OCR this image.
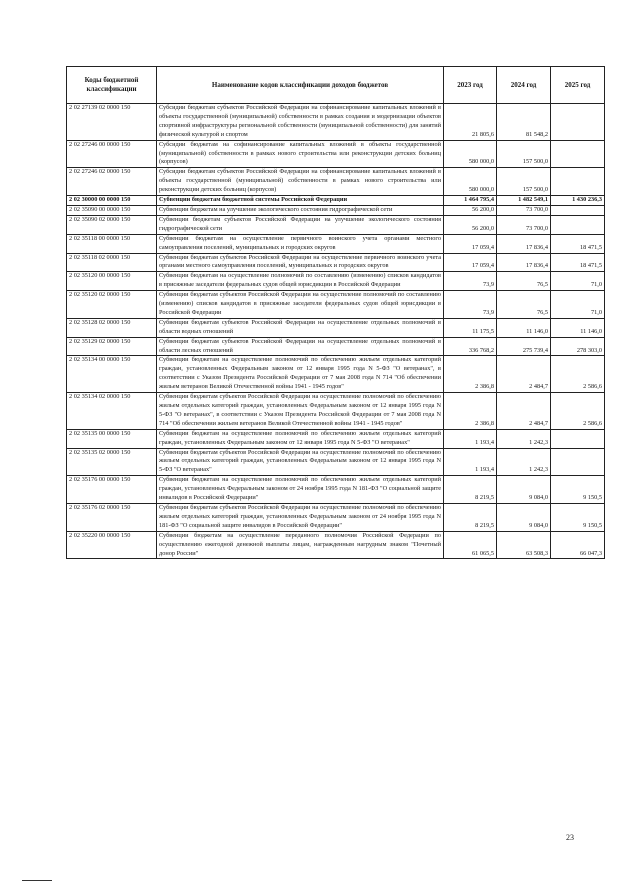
Коды бюджетной классификации	Наименование кодов классификации доходов бюджетов	2023 год	2024 год	2025 год
2 02 27139 02 0000 150	Субсидии бюджетам субъектов Российской Федерации на софинансирование капитальных вложений в объекты государственной (муниципальной) собственности в рамках создания и модернизации объектов спортивной инфраструктуры региональной собственности (муниципальной собственности) для занятий физической культурой и спортом	21 805,6	81 548,2	
2 02 27246 00 0000 150	Субсидии бюджетам на софинансирование капитальных вложений в объекты государственной (муниципальной) собственности в рамках нового строительства или реконструкции детских больниц (корпусов)	580 000,0	157 500,0	
2 02 27246 02 0000 150	Субсидии бюджетам субъектов Российской Федерации на софинансирование капитальных вложений в объекты государственной (муниципальной) собственности в рамках нового строительства или реконструкции детских больниц (корпусов)	580 000,0	157 500,0	
2 02 30000 00 0000 150	Субвенции бюджетам бюджетной системы Российской Федерации	1 464 795,4	1 482 549,1	1 430 236,3
2 02 35090 00 0000 150	Субвенции бюджетам на улучшение экологического состояния гидрографической сети	56 200,0	73 700,0	
2 02 35090 02 0000 150	Субвенции бюджетам субъектов Российской Федерации на улучшение экологического состояния гидрографической сети	56 200,0	73 700,0	
2 02 35118 00 0000 150	Субвенции бюджетам на осуществление первичного воинского учета органами местного самоуправления поселений, муниципальных и городских округов	17 059,4	17 836,4	18 471,5
2 02 35118 02 0000 150	Субвенции бюджетам субъектов Российской Федерации на осуществление первичного воинского учета органами местного самоуправления поселений, муниципальных и городских округов	17 059,4	17 836,4	18 471,5
2 02 35120 00 0000 150	Субвенции бюджетам на осуществление полномочий по составлению (изменению) списков кандидатов в присяжные заседатели федеральных судов общей юрисдикции в Российской Федерации	73,9	76,5	71,0
2 02 35120 02 0000 150	Субвенции бюджетам субъектов Российской Федерации на осуществление полномочий по составлению (изменению) списков кандидатов в присяжные заседатели федеральных судов общей юрисдикции в Российской Федерации	73,9	76,5	71,0
2 02 35128 02 0000 150	Субвенции бюджетам субъектов Российской Федерации на осуществление отдельных полномочий в области водных отношений	11 175,5	11 146,0	11 146,0
2 02 35129 02 0000 150	Субвенции бюджетам субъектов Российской Федерации на осуществление отдельных полномочий в области лесных отношений	336 768,2	275 739,4	278 303,0
2 02 35134 00 0000 150	Субвенции бюджетам на осуществление полномочий по обеспечению жильем отдельных категорий граждан, установленных Федеральным законом от 12 января 1995 года N 5-ФЗ "О ветеранах", в соответствии с Указом Президента Российской Федерации от 7 мая 2008 года N 714 "Об обеспечении жильем ветеранов Великой Отечественной войны 1941 - 1945 годов"	2 386,8	2 484,7	2 586,6
2 02 35134 02 0000 150	Субвенции бюджетам субъектов Российской Федерации на осуществление полномочий по обеспечению жильем отдельных категорий граждан, установленных Федеральным законом от 12 января 1995 года N 5-ФЗ "О ветеранах", в соответствии с Указом Президента Российской Федерации от 7 мая 2008 года N 714 "Об обеспечении жильем ветеранов Великой Отечественной войны 1941 - 1945 годов"	2 386,8	2 484,7	2 586,6
2 02 35135 00 0000 150	Субвенции бюджетам на осуществление полномочий по обеспечению жильем отдельных категорий граждан, установленных Федеральным законом от 12 января 1995 года N 5-ФЗ "О ветеранах"	1 193,4	1 242,3	
2 02 35135 02 0000 150	Субвенции бюджетам субъектов Российской Федерации на осуществление полномочий по обеспечению жильем отдельных категорий граждан, установленных Федеральным законом от 12 января 1995 года N 5-ФЗ "О ветеранах"	1 193,4	1 242,3	
2 02 35176 00 0000 150	Субвенции бюджетам на осуществление полномочий по обеспечению жильем отдельных категорий граждан, установленных Федеральным законом от 24 ноября 1995 года N 181-ФЗ "О социальной защите инвалидов в Российской Федерации"	8 219,5	9 084,0	9 150,5
2 02 35176 02 0000 150	Субвенции бюджетам субъектов Российской Федерации на осуществление полномочий по обеспечению жильем отдельных категорий граждан, установленных Федеральным законом от 24 ноября 1995 года N 181-ФЗ "О социальной защите инвалидов в Российской Федерации"	8 219,5	9 084,0	9 150,5
2 02 35220 00 0000 150	Субвенции бюджетам на осуществление переданного полномочия Российской Федерации по осуществлению ежегодной денежной выплаты лицам, награжденным нагрудным знаком "Почетный донор России"	61 065,5	63 508,3	66 047,3
23
